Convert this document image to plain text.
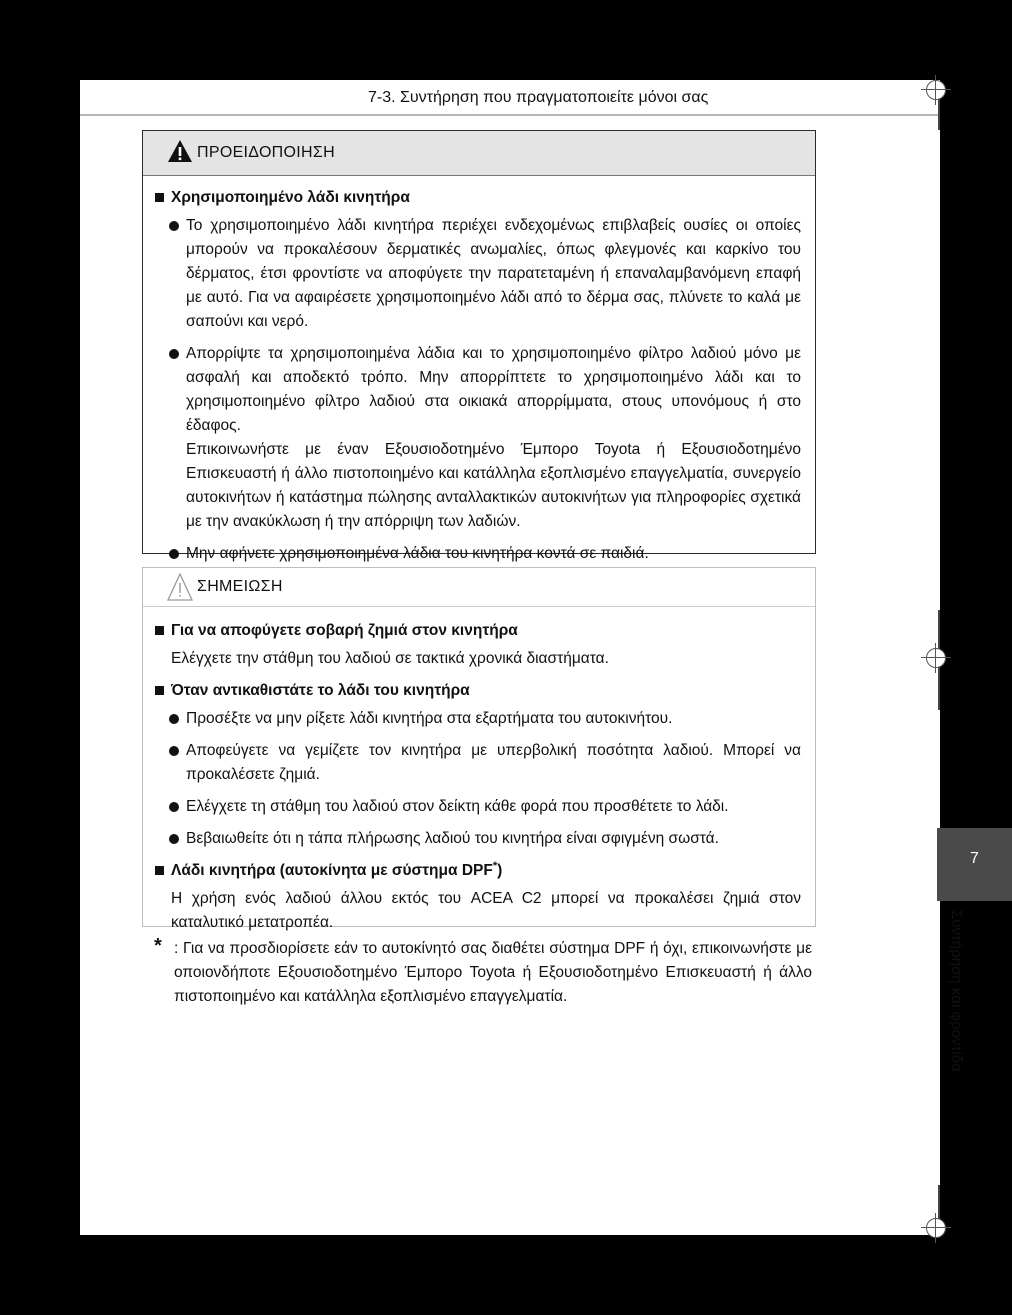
7-3. Συντήρηση που πραγματοποιείτε μόνοι σας
ΠΡΟΕΙΔΟΠΟΙΗΣΗ
Χρησιμοποιημένο λάδι κινητήρα
Το χρησιμοποιημένο λάδι κινητήρα περιέχει ενδεχομένως επιβλαβείς ουσίες οι οποίες μπορούν να προκαλέσουν δερματικές ανωμαλίες, όπως φλεγμονές και καρκίνο του δέρματος, έτσι φροντίστε να αποφύγετε την παρατεταμένη ή επαναλαμβανόμενη επαφή με αυτό. Για να αφαιρέσετε χρησιμοποιημένο λάδι από το δέρμα σας, πλύνετε το καλά με σαπούνι και νερό.
Απορρίψτε τα χρησιμοποιημένα λάδια και το χρησιμοποιημένο φίλτρο λαδιού μόνο με ασφαλή και αποδεκτό τρόπο. Μην απορρίπτετε το χρησιμοποιημένο λάδι και το χρησιμοποιημένο φίλτρο λαδιού στα οικιακά απορρίμματα, στους υπονόμους ή στο έδαφος.
Επικοινωνήστε με έναν Εξουσιοδοτημένο Έμπορο Toyota ή Εξουσιοδοτημένο Επισκευαστή ή άλλο πιστοποιημένο και κατάλληλα εξοπλισμένο επαγγελματία, συνεργείο αυτοκινήτων ή κατάστημα πώλησης ανταλλακτικών αυτοκινήτων για πληροφορίες σχετικά με την ανακύκλωση ή την απόρριψη των λαδιών.
Μην αφήνετε χρησιμοποιημένα λάδια του κινητήρα κοντά σε παιδιά.
ΣΗΜΕΙΩΣΗ
Για να αποφύγετε σοβαρή ζημιά στον κινητήρα
Ελέγχετε την στάθμη του λαδιού σε τακτικά χρονικά διαστήματα.
Όταν αντικαθιστάτε το λάδι του κινητήρα
Προσέξτε να μην ρίξετε λάδι κινητήρα στα εξαρτήματα του αυτοκινήτου.
Αποφεύγετε να γεμίζετε τον κινητήρα με υπερβολική ποσότητα λαδιού. Μπορεί να προκαλέσετε ζημιά.
Ελέγχετε τη στάθμη του λαδιού στον δείκτη κάθε φορά που προσθέτετε το λάδι.
Βεβαιωθείτε ότι η τάπα πλήρωσης λαδιού του κινητήρα είναι σφιγμένη σωστά.
Λάδι κινητήρα (αυτοκίνητα με σύστημα DPF*)
Η χρήση ενός λαδιού άλλου εκτός του ACEA C2 μπορεί να προκαλέσει ζημιά στον καταλυτικό μετατροπέα.
* : Για να προσδιορίσετε εάν το αυτοκίνητό σας διαθέτει σύστημα DPF ή όχι, επικοινωνήστε με οποιονδήποτε Εξουσιοδοτημένο Έμπορο Toyota ή Εξουσιοδοτημένο Επισκευαστή ή άλλο πιστοποιημένο και κατάλληλα εξοπλισμένο επαγγελματία.
7
Συντήρηση και φροντίδα
